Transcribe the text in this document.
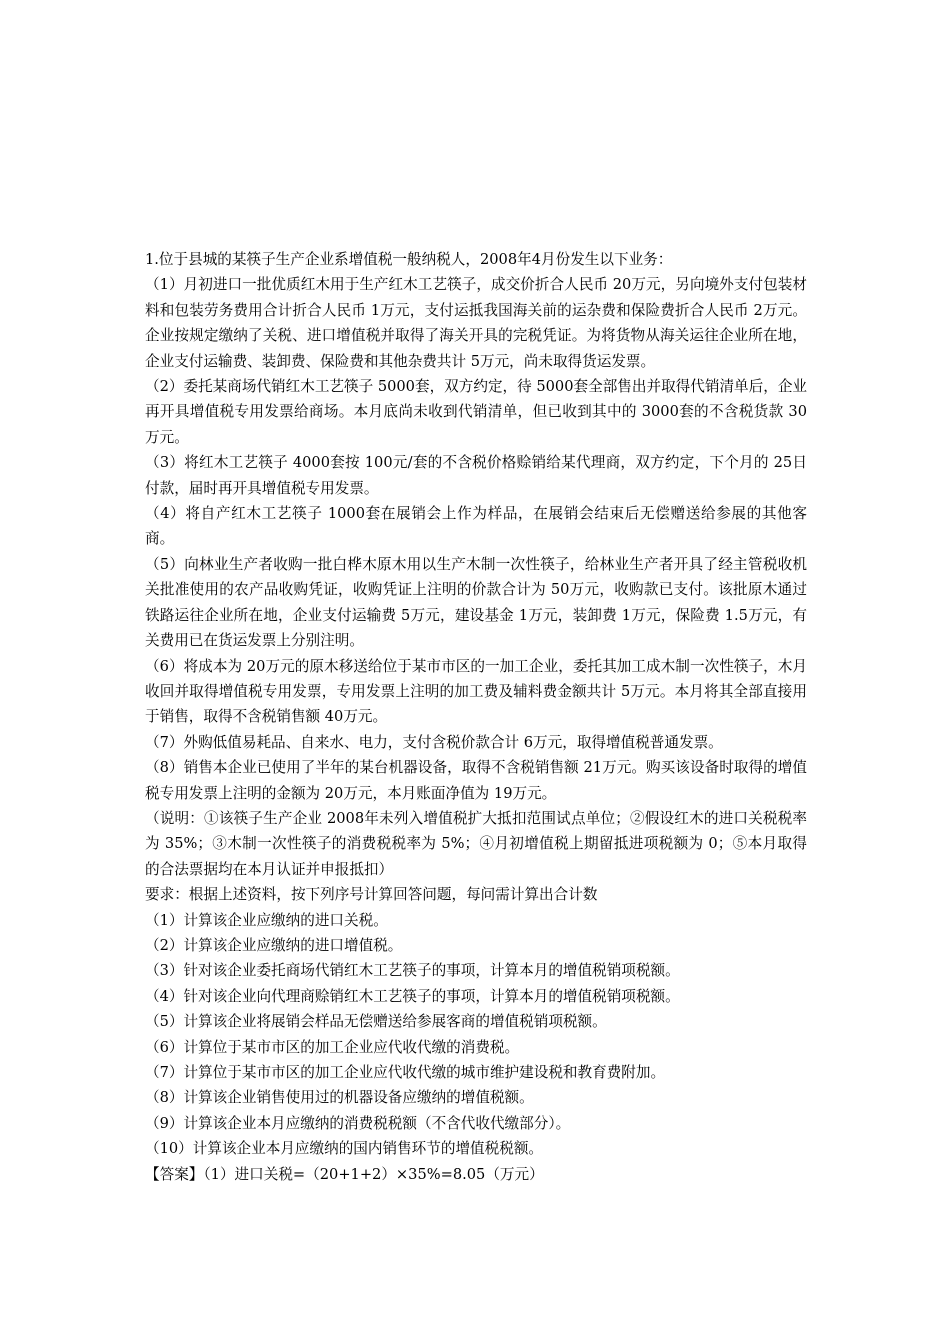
1.位于县城的某筷子生产企业系增值税一般纳税人，2008年4月份发生以下业务：

（1）月初进口一批优质红木用于生产红木工艺筷子，成交价折合人民币 20万元，另向境外支付包装材料和包装劳务费用合计折合人民币 1万元，支付运抵我国海关前的运杂费和保险费折合人民币 2万元。企业按规定缴纳了关税、进口增值税并取得了海关开具的完税凭证。为将货物从海关运往企业所在地，企业支付运输费、装卸费、保险费和其他杂费共计 5万元，尚未取得货运发票。

（2）委托某商场代销红木工艺筷子 5000套，双方约定，待 5000套全部售出并取得代销清单后，企业再开具增值税专用发票给商场。本月底尚未收到代销清单，但已收到其中的 3000套的不含税货款 30万元。

（3）将红木工艺筷子 4000套按 100元/套的不含税价格赊销给某代理商，双方约定，下个月的 25日付款，届时再开具增值税专用发票。

（4）将自产红木工艺筷子 1000套在展销会上作为样品，在展销会结束后无偿赠送给参展的其他客商。

（5）向林业生产者收购一批白桦木原木用以生产木制一次性筷子，给林业生产者开具了经主管税收机关批准使用的农产品收购凭证，收购凭证上注明的价款合计为 50万元，收购款已支付。该批原木通过铁路运往企业所在地，企业支付运输费 5万元，建设基金 1万元，装卸费 1万元，保险费 1.5万元，有关费用已在货运发票上分别注明。

（6）将成本为 20万元的原木移送给位于某市市区的一加工企业，委托其加工成木制一次性筷子，木月收回并取得增值税专用发票，专用发票上注明的加工费及辅料费金额共计 5万元。本月将其全部直接用于销售，取得不含税销售额 40万元。

（7）外购低值易耗品、自来水、电力，支付含税价款合计 6万元，取得增值税普通发票。

（8）销售本企业已使用了半年的某台机器设备，取得不含税销售额 21万元。购买该设备时取得的增值税专用发票上注明的金额为 20万元，本月账面净值为 19万元。

（说明：①该筷子生产企业 2008年未列入增值税扩大抵扣范围试点单位；②假设红木的进口关税税率为 35%；③木制一次性筷子的消费税税率为 5%；④月初增值税上期留抵进项税额为 0；⑤本月取得的合法票据均在本月认证并申报抵扣）

要求：根据上述资料，按下列序号计算回答问题，每问需计算出合计数

（1）计算该企业应缴纳的进口关税。

（2）计算该企业应缴纳的进口增值税。

（3）针对该企业委托商场代销红木工艺筷子的事项，计算本月的增值税销项税额。

（4）针对该企业向代理商赊销红木工艺筷子的事项，计算本月的增值税销项税额。

（5）计算该企业将展销会样品无偿赠送给参展客商的增值税销项税额。

（6）计算位于某市市区的加工企业应代收代缴的消费税。

（7）计算位于某市市区的加工企业应代收代缴的城市维护建设税和教育费附加。

（8）计算该企业销售使用过的机器设备应缴纳的增值税额。

（9）计算该企业本月应缴纳的消费税税额（不含代收代缴部分）。

（10）计算该企业本月应缴纳的国内销售环节的增值税税额。

【答案】（1）进口关税=（20+1+2）×35%=8.05（万元）
